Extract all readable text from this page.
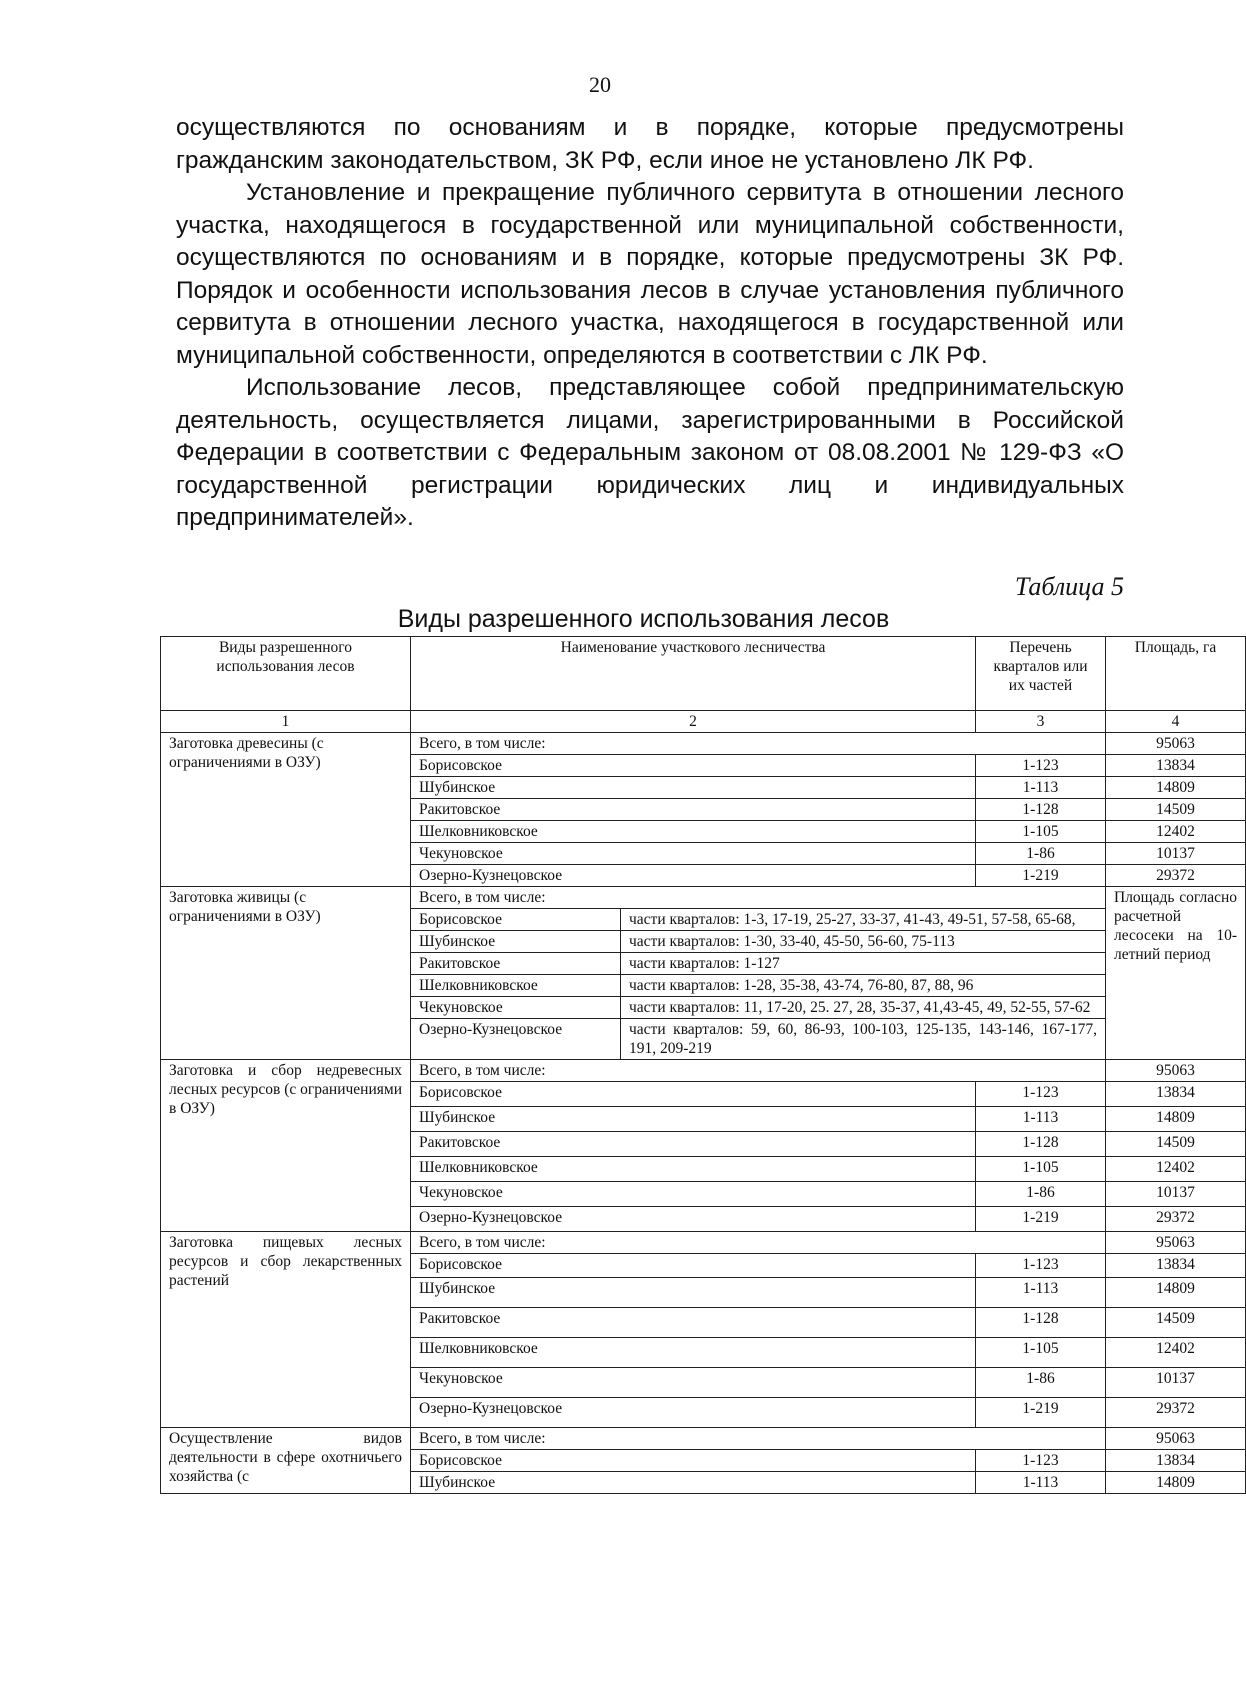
20

осуществляются по основаниям и в порядке, которые предусмотрены гражданским законодательством, ЗК РФ, если иное не установлено ЛК РФ.

Установление и прекращение публичного сервитута в отношении лесного участка, находящегося в государственной или муниципальной собственности, осуществляются по основаниям и в порядке, которые предусмотрены ЗК РФ. Порядок и особенности использования лесов в случае установления публичного сервитута в отношении лесного участка, находящегося в государственной или муниципальной собственности, определяются в соответствии с ЛК РФ.

Использование лесов, представляющее собой предпринимательскую деятельность, осуществляется лицами, зарегистрированными в Российской Федерации в соответствии с Федеральным законом от 08.08.2001 № 129-ФЗ «О государственной регистрации юридических лиц и индивидуальных предпринимателей».

Таблица 5
Виды разрешенного использования лесов
Виды разрешенного использования лесов	Наименование участкового лесничества		Перечень кварталов или их частей	Площадь, га
1	2		3	4
Заготовка древесины (с ограничениями в ОЗУ)	Всего, в том числе:			95063
	Борисовское		1-123	13834
	Шубинское		1-113	14809
	Ракитовское		1-128	14509
	Шелковниковское		1-105	12402
	Чекуновское		1-86	10137
	Озерно-Кузнецовское		1-219	29372
Заготовка живицы (с ограничениями в ОЗУ)	Всего, в том числе:			Площадь согласно расчетной лесосеки на 10-летний период
	Борисовское	части кварталов: 1-3, 17-19, 25-27, 33-37, 41-43, 49-51, 57-58, 65-68,		
	Шубинское	части кварталов: 1-30, 33-40, 45-50, 56-60, 75-113		
	Ракитовское	части кварталов: 1-127		
	Шелковниковское	части кварталов: 1-28, 35-38, 43-74, 76-80, 87, 88, 96		
	Чекуновское	части кварталов: 11, 17-20, 25. 27, 28, 35-37, 41,43-45, 49, 52-55, 57-62		
	Озерно-Кузнецовское	части кварталов: 59, 60, 86-93, 100-103, 125-135, 143-146, 167-177, 191, 209-219		
Заготовка и сбор недревесных лесных ресурсов (с ограничениями в ОЗУ)	Всего, в том числе:			95063
	Борисовское		1-123	13834
	Шубинское		1-113	14809
	Ракитовское		1-128	14509
	Шелковниковское		1-105	12402
	Чекуновское		1-86	10137
	Озерно-Кузнецовское		1-219	29372
Заготовка пищевых лесных ресурсов и сбор лекарственных растений	Всего, в том числе:			95063
	Борисовское		1-123	13834
	Шубинское		1-113	14809
	Ракитовское		1-128	14509
	Шелковниковское		1-105	12402
	Чекуновское		1-86	10137
	Озерно-Кузнецовское		1-219	29372
Осуществление видов деятельности в сфере охотничьего хозяйства (с	Всего, в том числе:			95063
	Борисовское		1-123	13834
	Шубинское		1-113	14809
